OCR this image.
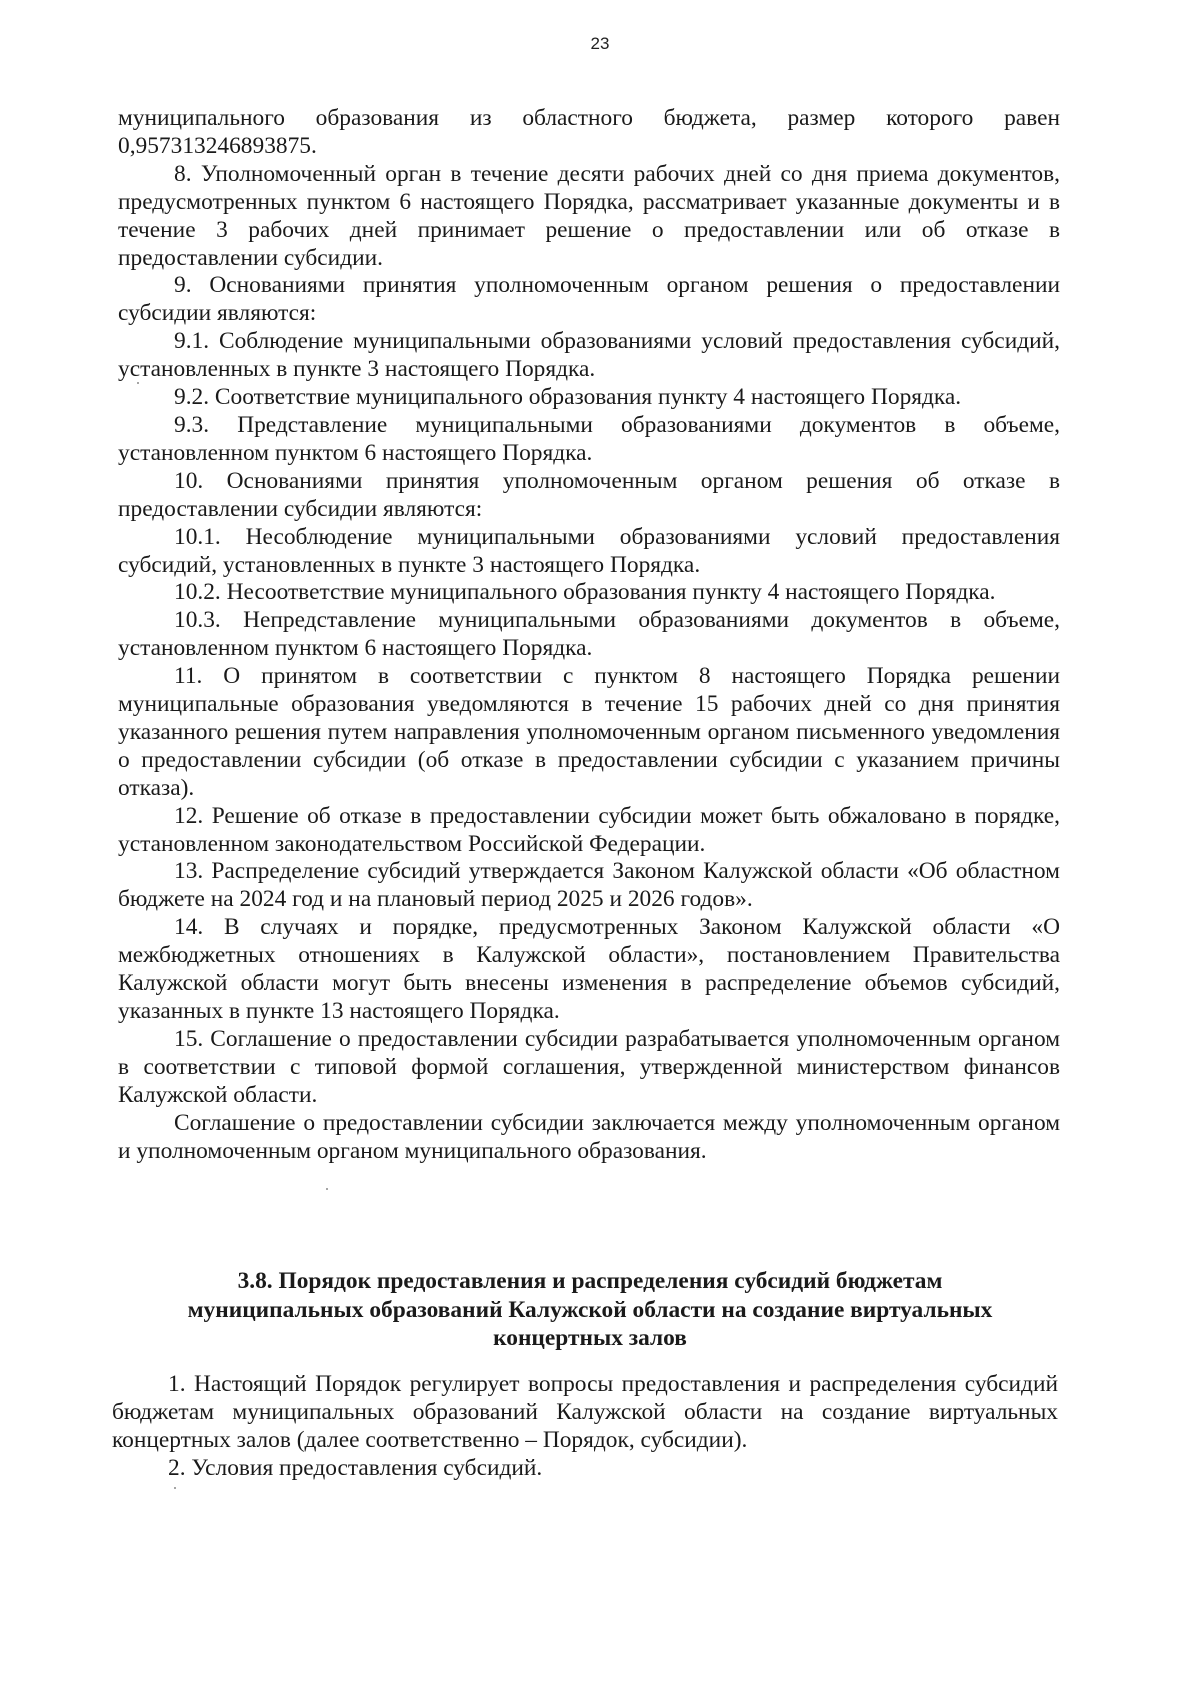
23

муниципального образования из областного бюджета, размер которого равен 0,957313246893875.

8. Уполномоченный орган в течение десяти рабочих дней со дня приема документов, предусмотренных пунктом 6 настоящего Порядка, рассматривает указанные документы и в течение 3 рабочих дней принимает решение о предоставлении или об отказе в предоставлении субсидии.

9. Основаниями принятия уполномоченным органом решения о предоставлении субсидии являются:

9.1. Соблюдение муниципальными образованиями условий предоставления субсидий, установленных в пункте 3 настоящего Порядка.

9.2. Соответствие муниципального образования пункту 4 настоящего Порядка.

9.3. Представление муниципальными образованиями документов в объеме, установленном пунктом 6 настоящего Порядка.

10. Основаниями принятия уполномоченным органом решения об отказе в предоставлении субсидии являются:

10.1. Несоблюдение муниципальными образованиями условий предоставления субсидий, установленных в пункте 3 настоящего Порядка.

10.2. Несоответствие муниципального образования пункту 4 настоящего Порядка.

10.3. Непредставление муниципальными образованиями документов в объеме, установленном пунктом 6 настоящего Порядка.

11. О принятом в соответствии с пунктом 8 настоящего Порядка решении муниципальные образования уведомляются в течение 15 рабочих дней со дня принятия указанного решения путем направления уполномоченным органом письменного уведомления о предоставлении субсидии (об отказе в предоставлении субсидии с указанием причины отказа).

12. Решение об отказе в предоставлении субсидии может быть обжаловано в порядке, установленном законодательством Российской Федерации.

13. Распределение субсидий утверждается Законом Калужской области «Об областном бюджете на 2024 год и на плановый период 2025 и 2026 годов».

14. В случаях и порядке, предусмотренных Законом Калужской области «О межбюджетных отношениях в Калужской области», постановлением Правительства Калужской области могут быть внесены изменения в распределение объемов субсидий, указанных в пункте 13 настоящего Порядка.

15. Соглашение о предоставлении субсидии разрабатывается уполномоченным органом в соответствии с типовой формой соглашения, утвержденной министерством финансов Калужской области.

Соглашение о предоставлении субсидии заключается между уполномоченным органом и уполномоченным органом муниципального образования.

3.8. Порядок предоставления и распределения субсидий бюджетам
муниципальных образований Калужской области на создание виртуальных
концертных залов

1. Настоящий Порядок регулирует вопросы предоставления и распределения субсидий бюджетам муниципальных образований Калужской области на создание виртуальных концертных залов (далее соответственно – Порядок, субсидии).

2. Условия предоставления субсидий.
